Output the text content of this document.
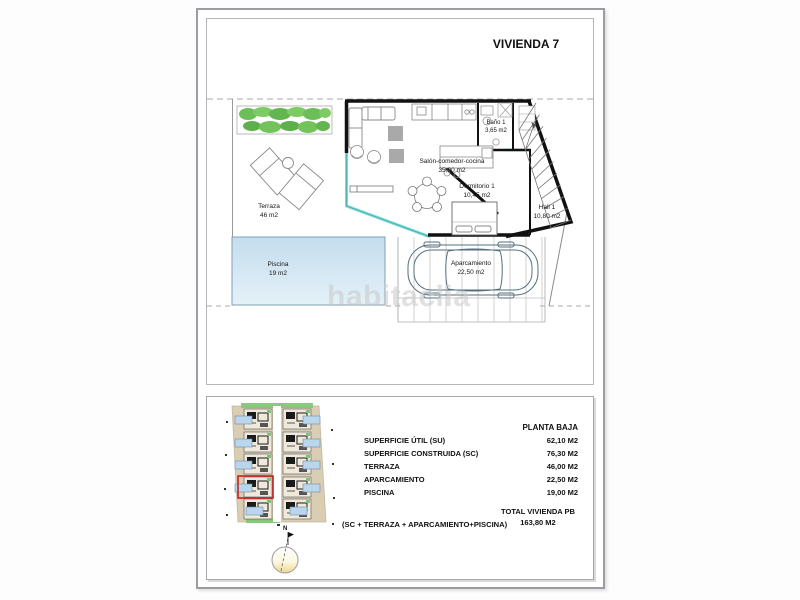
habitaclia
VIVIENDA 7
Salón-comedor-cocina
35,00 m2
Baño 1
3,65 m2
Dormitorio 1
10,45 m2
Hall 1
10,80 m2
Terraza
46 m2
Piscina
19 m2
Aparcamiento
22,50 m2
PLANTA BAJA
SUPERFICIE ÚTIL (SU)	62,10 M2
SUPERFICIE CONSTRUIDA (SC)	76,30 M2
TERRAZA	46,00 M2
APARCAMIENTO	22,50 M2
PISCINA	19,00 M2
(SC + TERRAZA + APARCAMIENTO+PISCINA)
TOTAL VIVIENDA PB
163,80 M2
N
